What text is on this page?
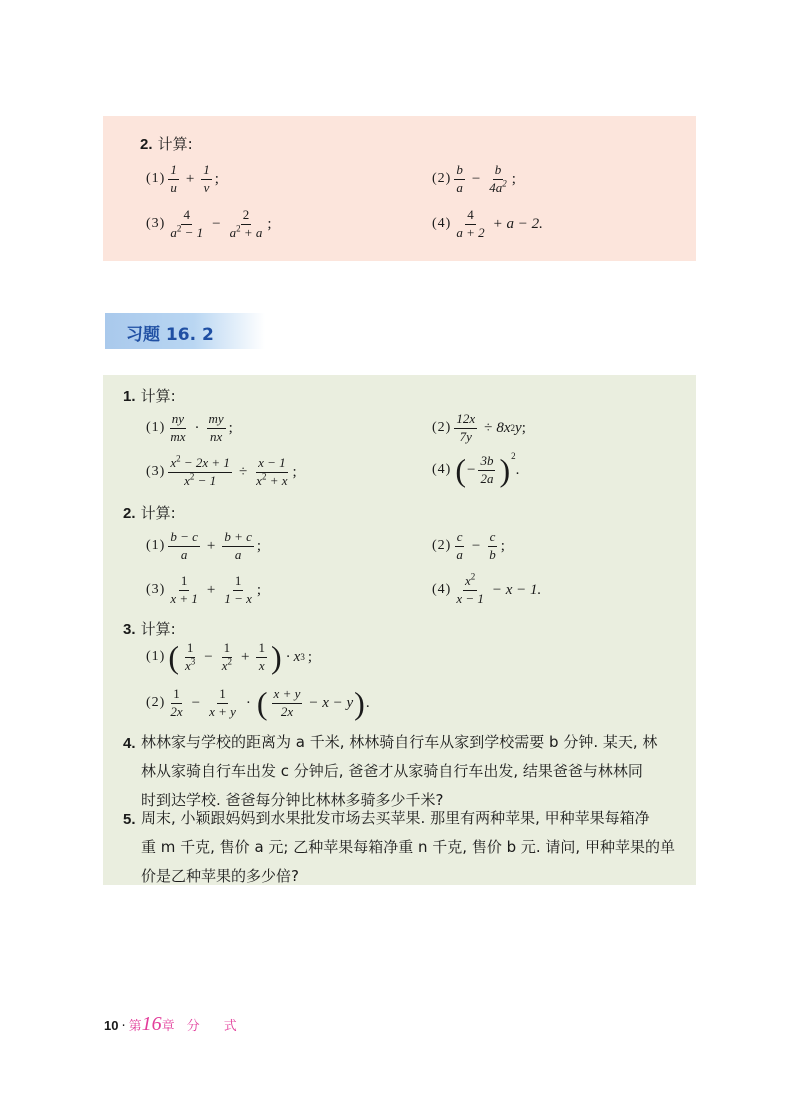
2. 计算:
$(1) \frac{1}{u} + \frac{1}{v}$ ;	$(2) \frac{b}{a} - \frac{b}{4a^2}$ ;
$(3) \frac{4}{a^2 - 1} - \frac{2}{a^2 + a}$ ;	$(4) \frac{4}{a + 2} + a - 2$.
习题 16. 2
1. 计算:
$(1) \frac{ny}{mx} \cdot \frac{my}{nx}$ ;	$(2) \frac{12x}{7y} \div 8x$ 2 y ;
$(3) \frac{x^2 - 2x + 1}{x^2 - 1} \div \frac{x - 1}{x^2 + x}$ ;	(4) ( − $\frac{3b}{2a}$ ) 2
.
2. 计算:
$(1) \frac{b - c}{a} + \frac{b + c}{a}$ ;	$(2) \frac{c}{a} - \frac{c}{b}$ ;
$(3) \frac{1}{x + 1} + \frac{1}{1 - x}$ ;	$(4) \frac{x^2}{x - 1} - x - 1$.
3. 计算:
(1) ( $\frac{1}{x^3} - \frac{1}{x^2} + \frac{1}{x}$ ) · x 3 ;
$(2) \frac{1}{2x} - \frac{1}{x + y}$ · ( $\frac{x + y}{2x} - x - y$ ) .
4. 林林家与学校的距离为 a 千米, 林林骑自行车从家到学校需要 b 分钟. 某天, 林
林从家骑自行车出发 c 分钟后, 爸爸才从家骑自行车出发, 结果爸爸与林林同
时到达学校. 爸爸每分钟比林林多骑多少千米?
5. 周末, 小颖跟妈妈到水果批发市场去买苹果. 那里有两种苹果, 甲种苹果每箱净
重 m 千克, 售价 a 元; 乙种苹果每箱净重 n 千克, 售价 b 元. 请问, 甲种苹果的单
价是乙种苹果的多少倍?
10 · 第16章 分 式
